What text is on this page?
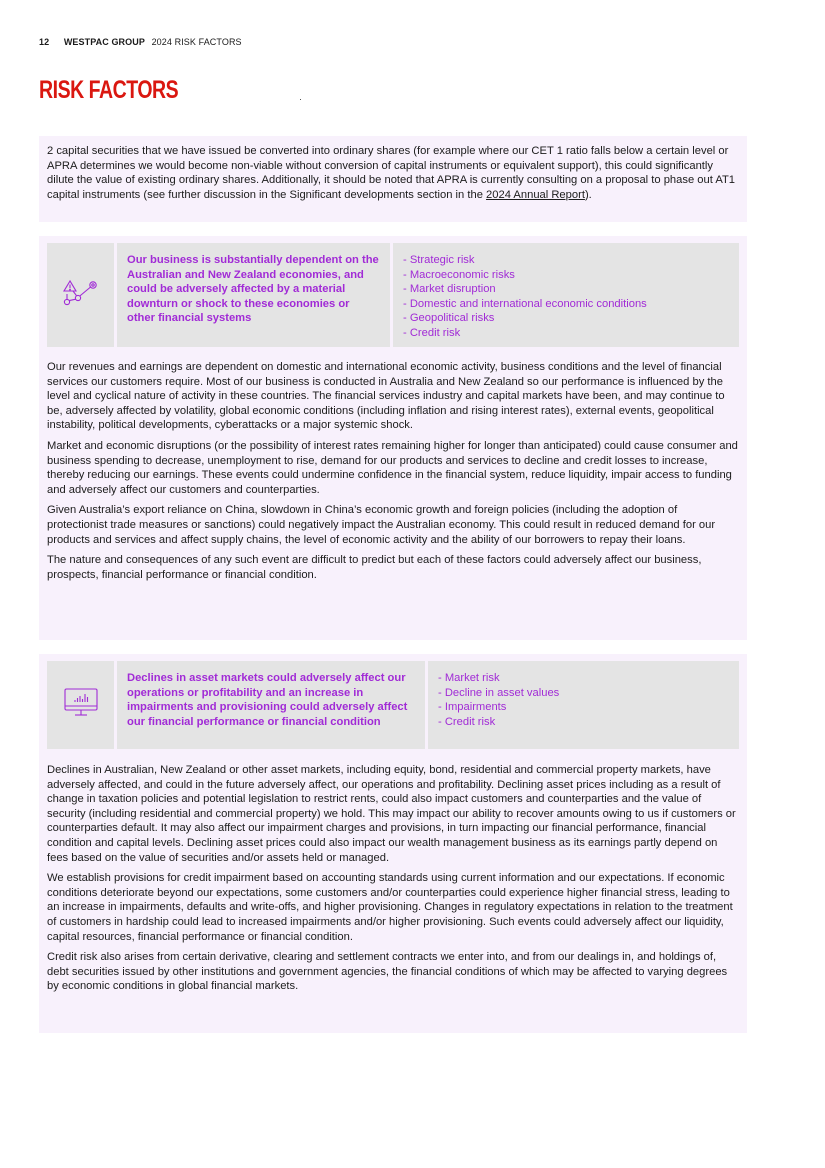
12 WESTPAC GROUP 2024 RISK FACTORS
RISK FACTORS

2 capital securities that we have issued be converted into ordinary shares (for example where our CET 1 ratio falls below a certain level or APRA determines we would become non-viable without conversion of capital instruments or equivalent support), this could significantly dilute the value of existing ordinary shares. Additionally, it should be noted that APRA is currently consulting on a proposal to phase out AT1 capital instruments (see further discussion in the Significant developments section in the 2024 Annual Report).

Our business is substantially dependent on the Australian and New Zealand economies, and could be adversely affected by a material downturn or shock to these economies or other financial systems

- Strategic risk
- Macroeconomic risks
- Market disruption
- Domestic and international economic conditions
- Geopolitical risks
- Credit risk

Our revenues and earnings are dependent on domestic and international economic activity, business conditions and the level of financial services our customers require. Most of our business is conducted in Australia and New Zealand so our performance is influenced by the level and cyclical nature of activity in these countries. The financial services industry and capital markets have been, and may continue to be, adversely affected by volatility, global economic conditions (including inflation and rising interest rates), external events, geopolitical instability, political developments, cyberattacks or a major systemic shock.

Market and economic disruptions (or the possibility of interest rates remaining higher for longer than anticipated) could cause consumer and business spending to decrease, unemployment to rise, demand for our products and services to decline and credit losses to increase, thereby reducing our earnings. These events could undermine confidence in the financial system, reduce liquidity, impair access to funding and adversely affect our customers and counterparties.

Given Australia’s export reliance on China, slowdown in China’s economic growth and foreign policies (including the adoption of protectionist trade measures or sanctions) could negatively impact the Australian economy. This could result in reduced demand for our products and services and affect supply chains, the level of economic activity and the ability of our borrowers to repay their loans.

The nature and consequences of any such event are difficult to predict but each of these factors could adversely affect our business, prospects, financial performance or financial condition.

Declines in asset markets could adversely affect our operations or profitability and an increase in impairments and provisioning could adversely affect our financial performance or financial condition

- Market risk
- Decline in asset values
- Impairments
- Credit risk

Declines in Australian, New Zealand or other asset markets, including equity, bond, residential and commercial property markets, have adversely affected, and could in the future adversely affect, our operations and profitability. Declining asset prices including as a result of change in taxation policies and potential legislation to restrict rents, could also impact customers and counterparties and the value of security (including residential and commercial property) we hold. This may impact our ability to recover amounts owing to us if customers or counterparties default. It may also affect our impairment charges and provisions, in turn impacting our financial performance, financial condition and capital levels. Declining asset prices could also impact our wealth management business as its earnings partly depend on fees based on the value of securities and/or assets held or managed.

We establish provisions for credit impairment based on accounting standards using current information and our expectations. If economic conditions deteriorate beyond our expectations, some customers and/or counterparties could experience higher financial stress, leading to an increase in impairments, defaults and write-offs, and higher provisioning. Changes in regulatory expectations in relation to the treatment of customers in hardship could lead to increased impairments and/or higher provisioning. Such events could adversely affect our liquidity, capital resources, financial performance or financial condition.

Credit risk also arises from certain derivative, clearing and settlement contracts we enter into, and from our dealings in, and holdings of, debt securities issued by other institutions and government agencies, the financial conditions of which may be affected to varying degrees by economic conditions in global financial markets.
